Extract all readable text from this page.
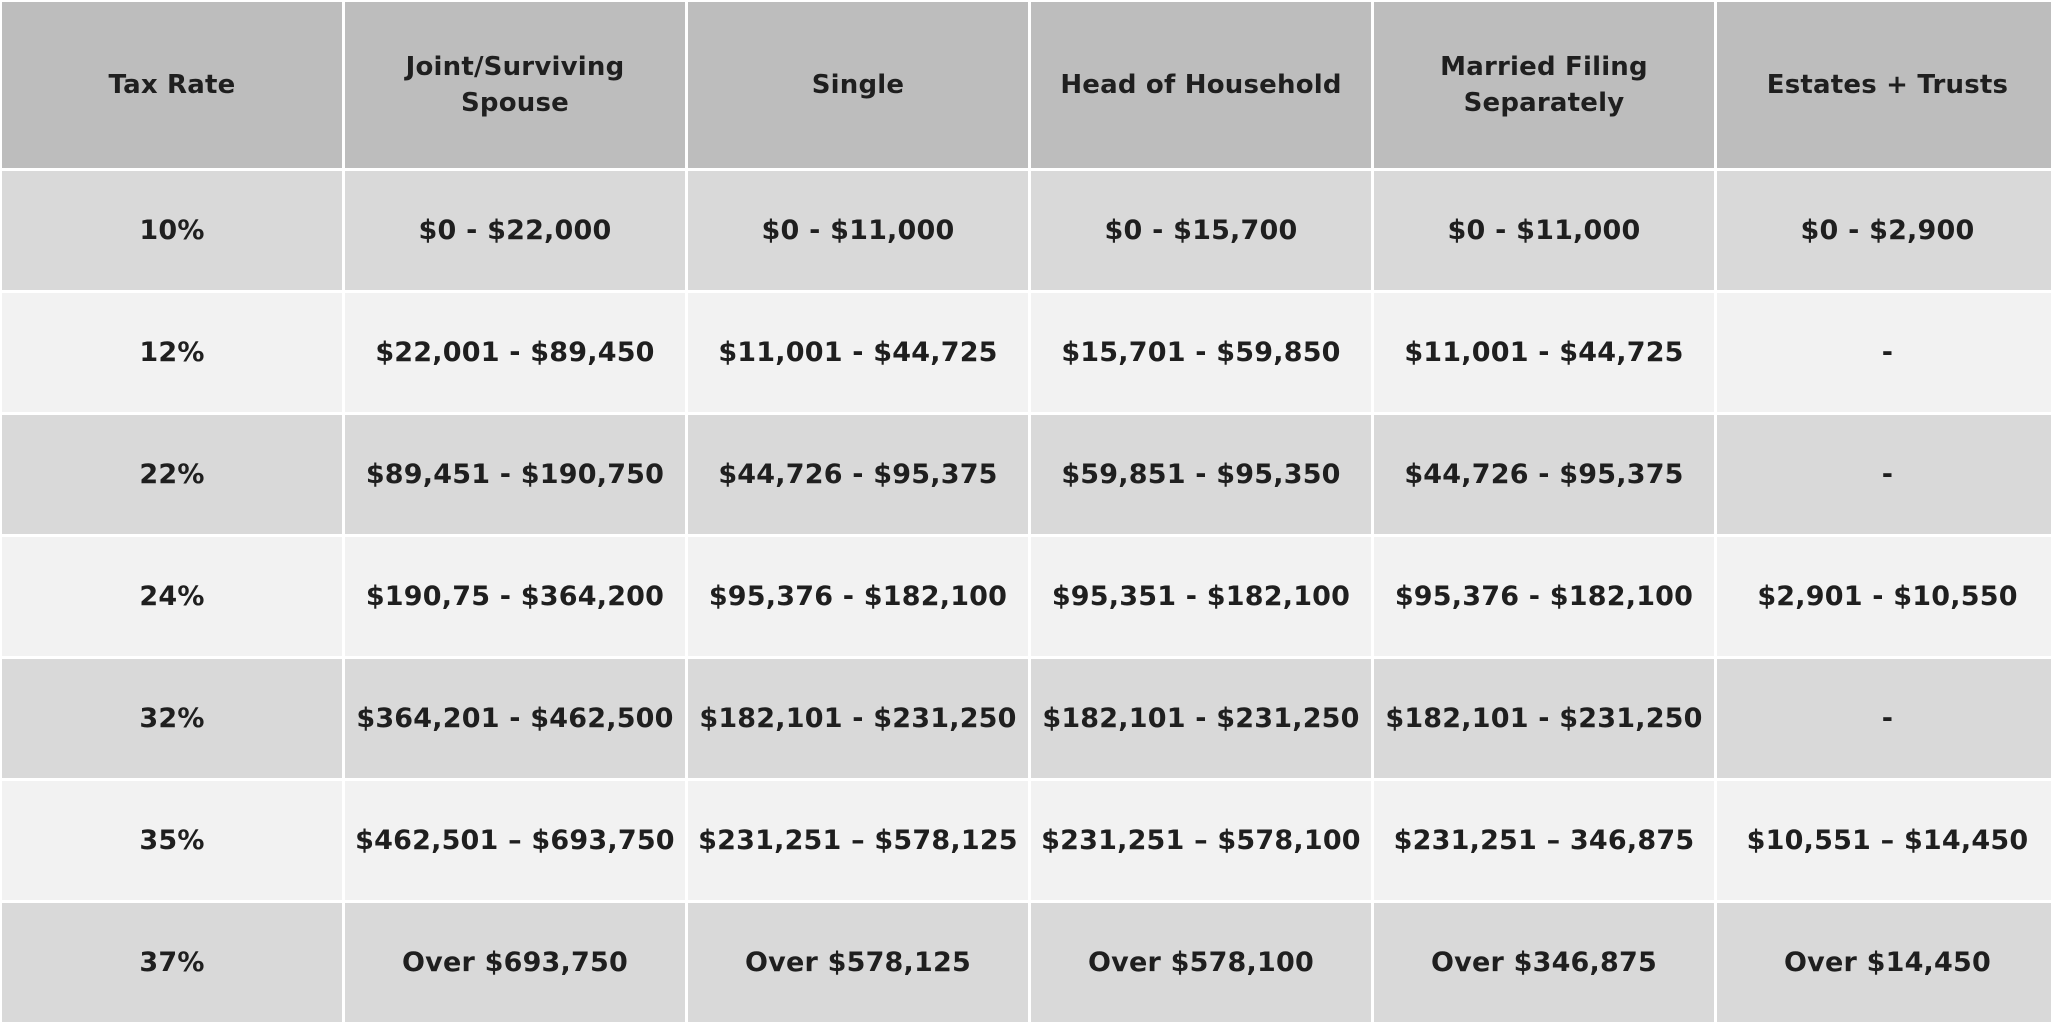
Tax Rate	Joint/Surviving Spouse	Single	Head of Household	Married Filing Separately	Estates + Trusts
10%	$0 - $22,000	$0 - $11,000	$0 - $15,700	$0 - $11,000	$0 - $2,900
12%	$22,001 - $89,450	$11,001 - $44,725	$15,701 - $59,850	$11,001 - $44,725	-
22%	$89,451 - $190,750	$44,726 - $95,375	$59,851 - $95,350	$44,726 - $95,375	-
24%	$190,75 - $364,200	$95,376 - $182,100	$95,351 - $182,100	$95,376 - $182,100	$2,901 - $10,550
32%	$364,201 - $462,500	$182,101 - $231,250	$182,101 - $231,250	$182,101 - $231,250	-
35%	$462,501 – $693,750	$231,251 – $578,125	$231,251 – $578,100	$231,251 – 346,875	$10,551 – $14,450
37%	Over $693,750	Over $578,125	Over $578,100	Over $346,875	Over $14,450
